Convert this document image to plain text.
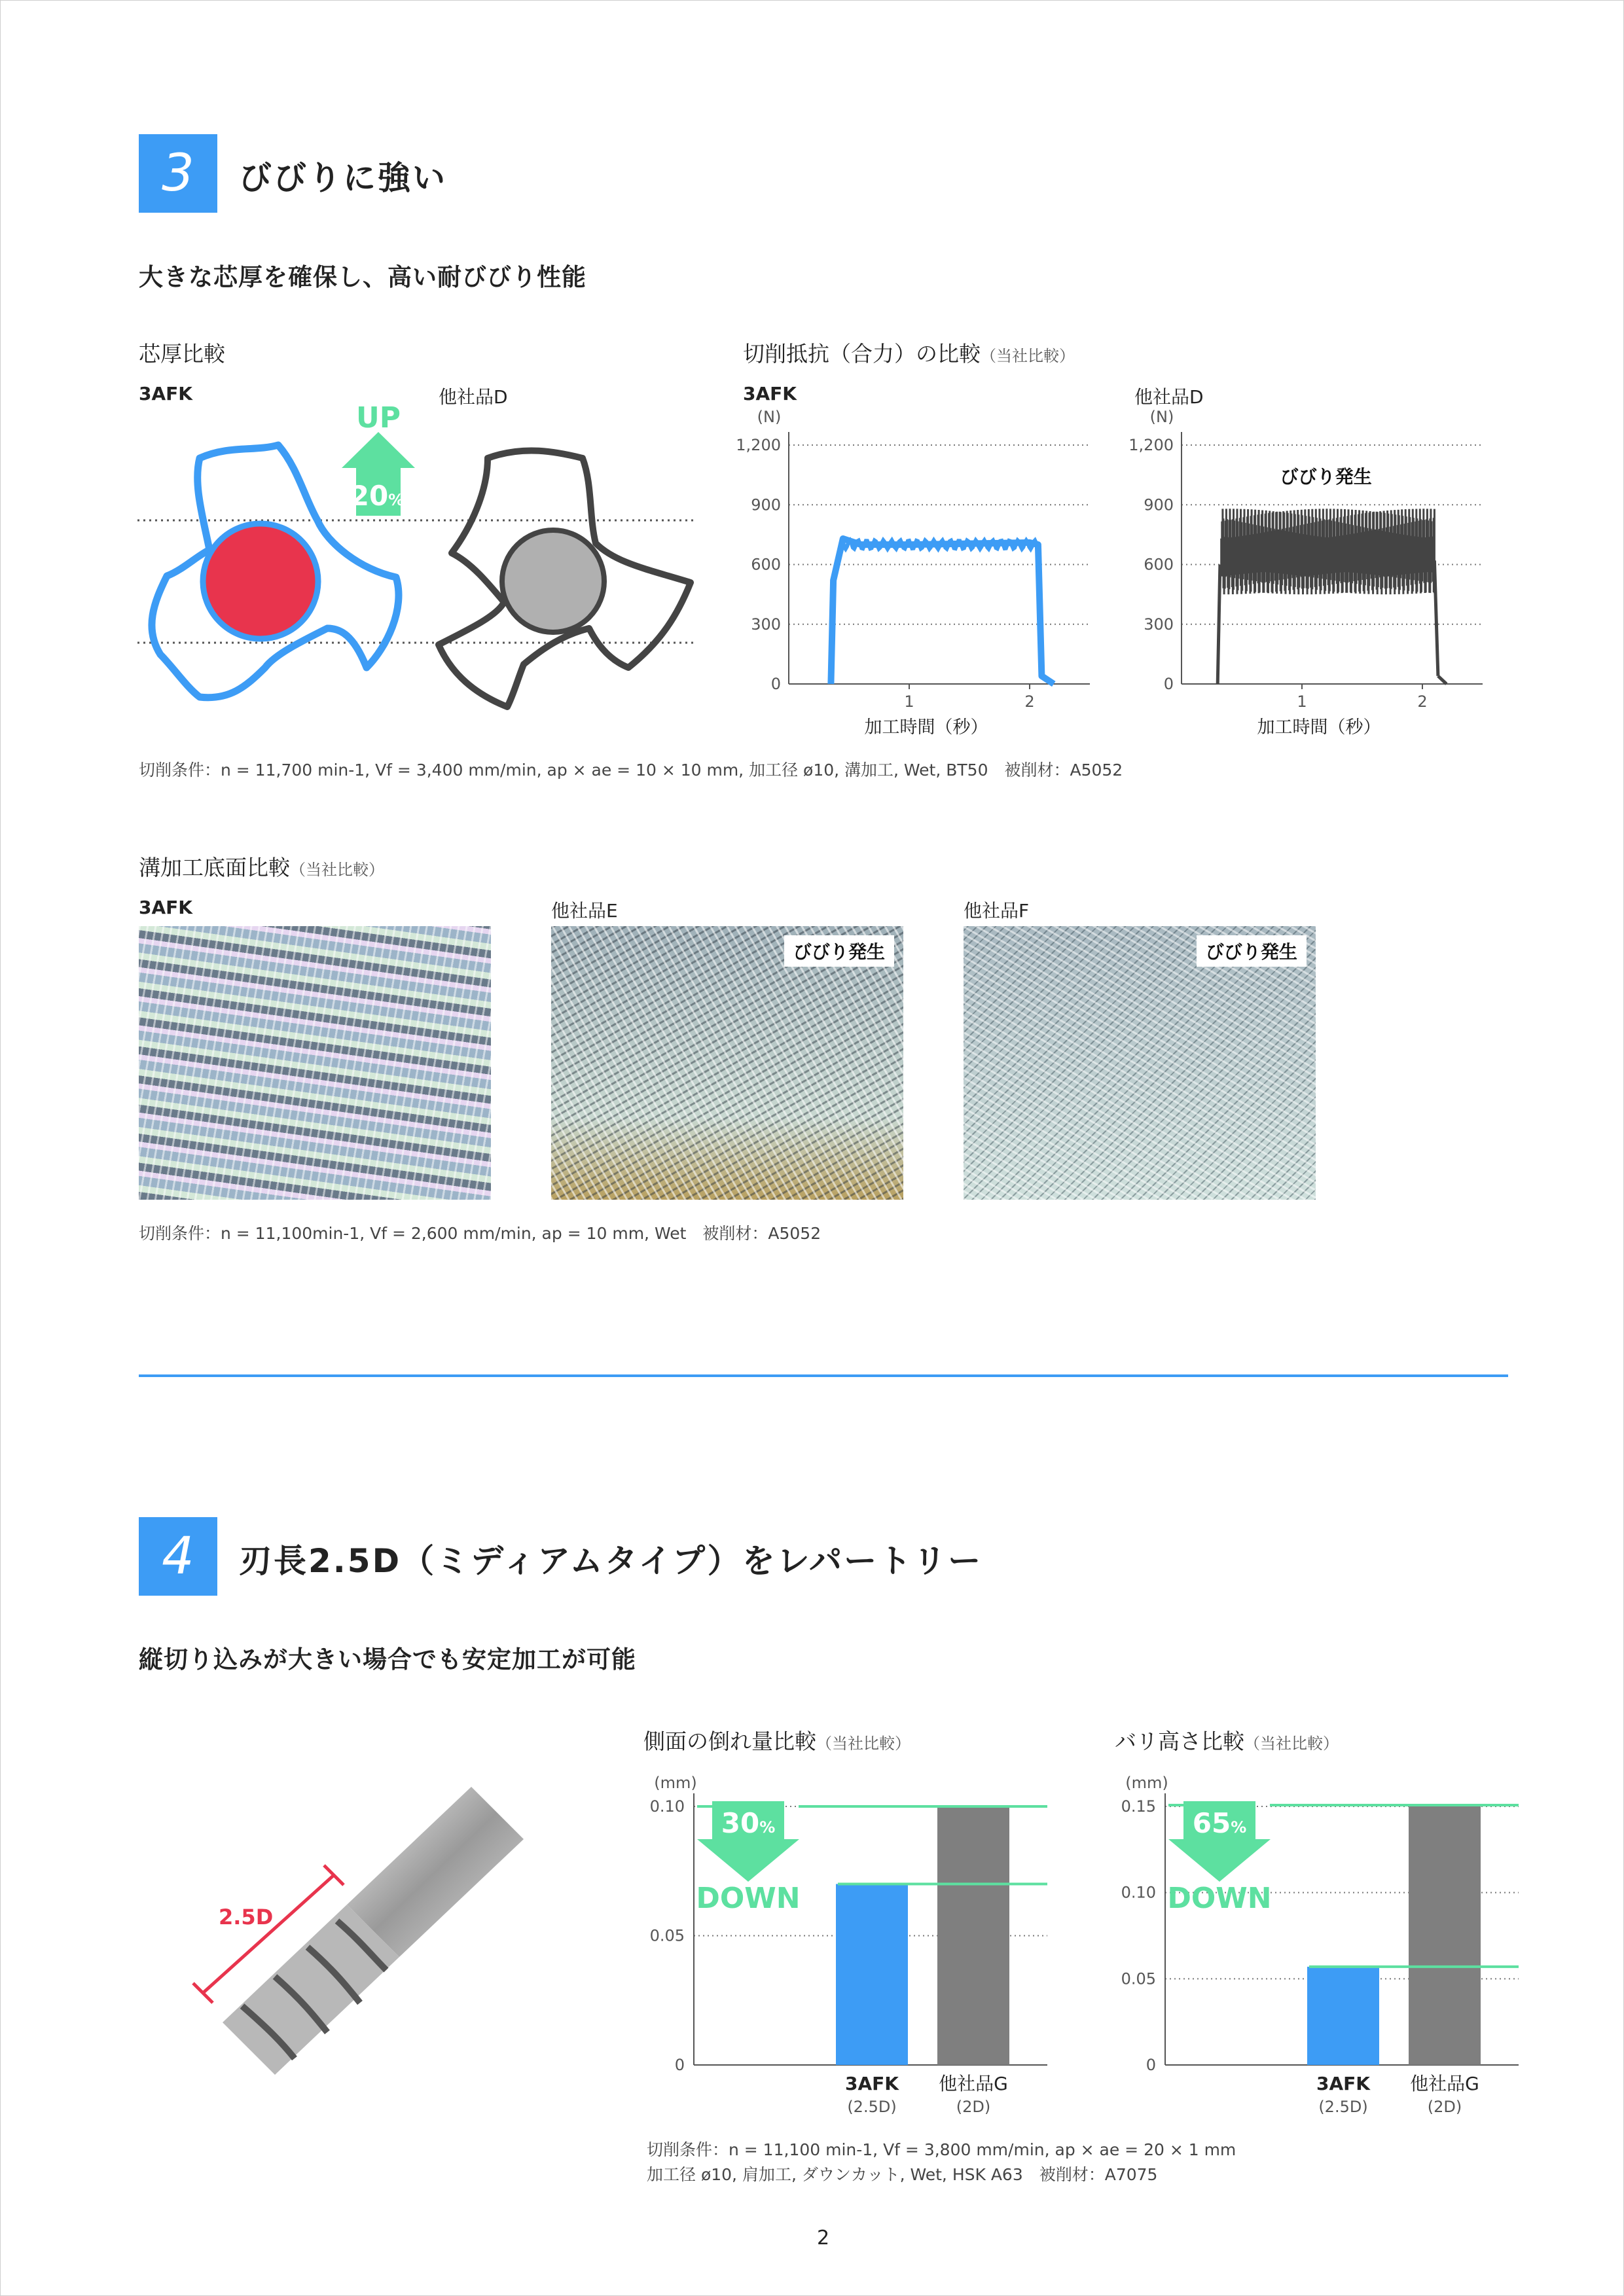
3 びびりに強い
大きな芯厚を確保し、高い耐びびり性能
芯厚比較
3AFK	他社品D
UP
20%
切削抵抗（合力）の比較（当社比較）
3AFK	他社品D
(N)
0
300
600
900
1,200
1	2
加工時間（秒）
(N)
0
300
600
900
1,200
1	2
加工時間（秒）
びびり発生
切削条件：n = 11,700 min-1, Vf = 3,400 mm/min, ap × ae = 10 × 10 mm, 加工径 ø10, 溝加工, Wet, BT50　被削材：A5052
溝加工底面比較（当社比較）
3AFK	他社品E	他社品F
びびり発生	びびり発生
切削条件：n = 11,100min-1, Vf = 2,600 mm/min, ap = 10 mm, Wet　被削材：A5052
4 刃長2.5D（ミディアムタイプ）をレパートリー
縦切り込みが大きい場合でも安定加工が可能
2.5D
側面の倒れ量比較（当社比較）
(mm)
0
0.05
0.10
3AFK
(2.5D)
他社品G
(2D)
30%
DOWN
バリ高さ比較（当社比較）
(mm)
0
0.05
0.10
0.15
3AFK
(2.5D)
他社品G
(2D)
65%
DOWN
切削条件：n = 11,100 min-1, Vf = 3,800 mm/min, ap × ae = 20 × 1 mm
加工径 ø10, 肩加工, ダウンカット, Wet, HSK A63　被削材：A7075
2
